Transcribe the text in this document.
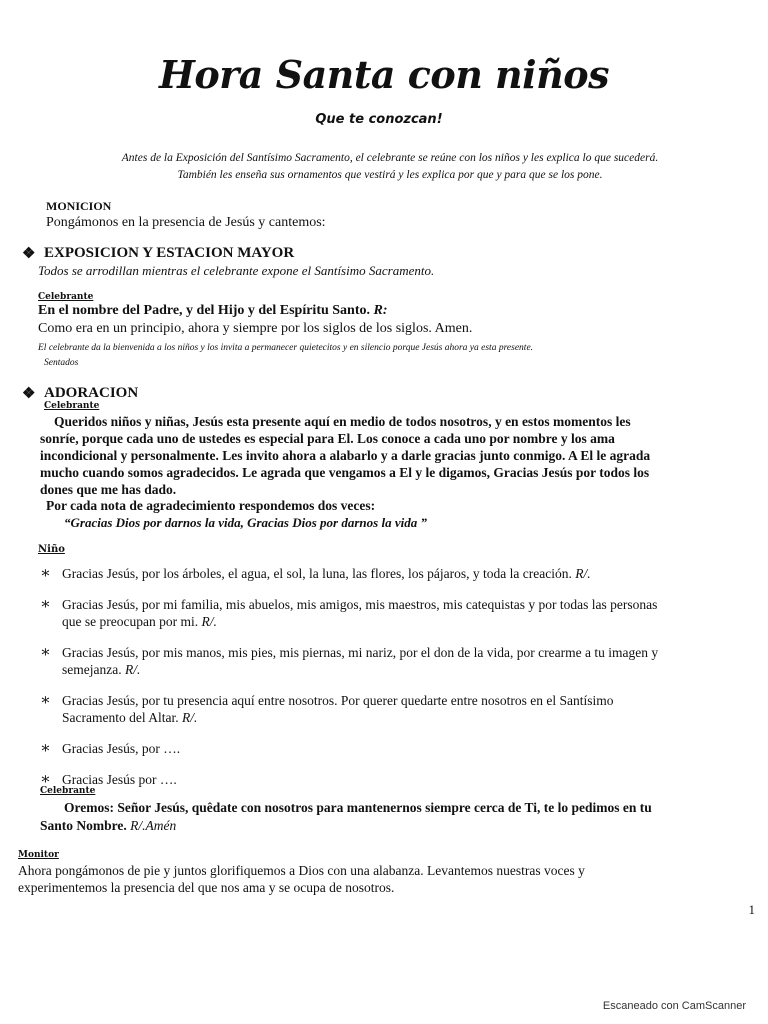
Hora Santa con niños
Que te conozcan!
Antes de la Exposición del Santísimo Sacramento, el celebrante se reúne con los niños y les explica lo que sucederá.
También les enseña sus ornamentos que vestirá y les explica por que y para que se los pone.
MONICION
Pongámonos en la presencia de Jesús y cantemos:
❖ EXPOSICION Y ESTACION MAYOR
Todos se arrodillan mientras el celebrante expone el Santísimo Sacramento.
Celebrante
En el nombre del Padre, y del Hijo y del Espíritu Santo. R:
Como era en un principio, ahora y siempre por los siglos de los siglos. Amen.
El celebrante da la bienvenida a los niños y los invita a permanecer quietecitos y en silencio porque Jesús ahora ya esta presente.
Sentados
❖ ADORACION
Celebrante
Queridos niños y niñas, Jesús esta presente aquí en medio de todos nosotros, y en estos momentos les
sonríe, porque cada uno de ustedes es especial para El. Los conoce a cada uno por nombre y los ama
incondicional y personalmente. Les invito ahora a alabarlo y a darle gracias junto conmigo. A El le agrada
mucho cuando somos agradecidos. Le agrada que vengamos a El y le digamos, Gracias Jesús por todos los
dones que me has dado.
Por cada nota de agradecimiento respondemos dos veces:
“Gracias Dios por darnos la vida, Gracias Dios por darnos la vida ”
Niño
∗ Gracias Jesús, por los árboles, el agua, el sol, la luna, las flores, los pájaros, y toda la creación. R/.
∗ Gracias Jesús, por mi familia, mis abuelos, mis amigos, mis maestros, mis catequistas y por todas las personas
que se preocupan por mi. R/.
∗ Gracias Jesús, por mis manos, mis pies, mis piernas, mi nariz, por el don de la vida, por crearme a tu imagen y
semejanza. R/.
∗ Gracias Jesús, por tu presencia aquí entre nosotros. Por querer quedarte entre nosotros en el Santísimo
Sacramento del Altar. R/.
∗ Gracias Jesús, por ….
∗ Gracias Jesús por ….
Celebrante
Oremos: Señor Jesús, quêdate con nosotros para mantenernos siempre cerca de Ti, te lo pedimos en tu
Santo Nombre. R/.Amén
Monitor
Ahora pongámonos de pie y juntos glorifiquemos a Dios con una alabanza. Levantemos nuestras voces y
experimentemos la presencia del que nos ama y se ocupa de nosotros.
1
Escaneado con CamScanner
